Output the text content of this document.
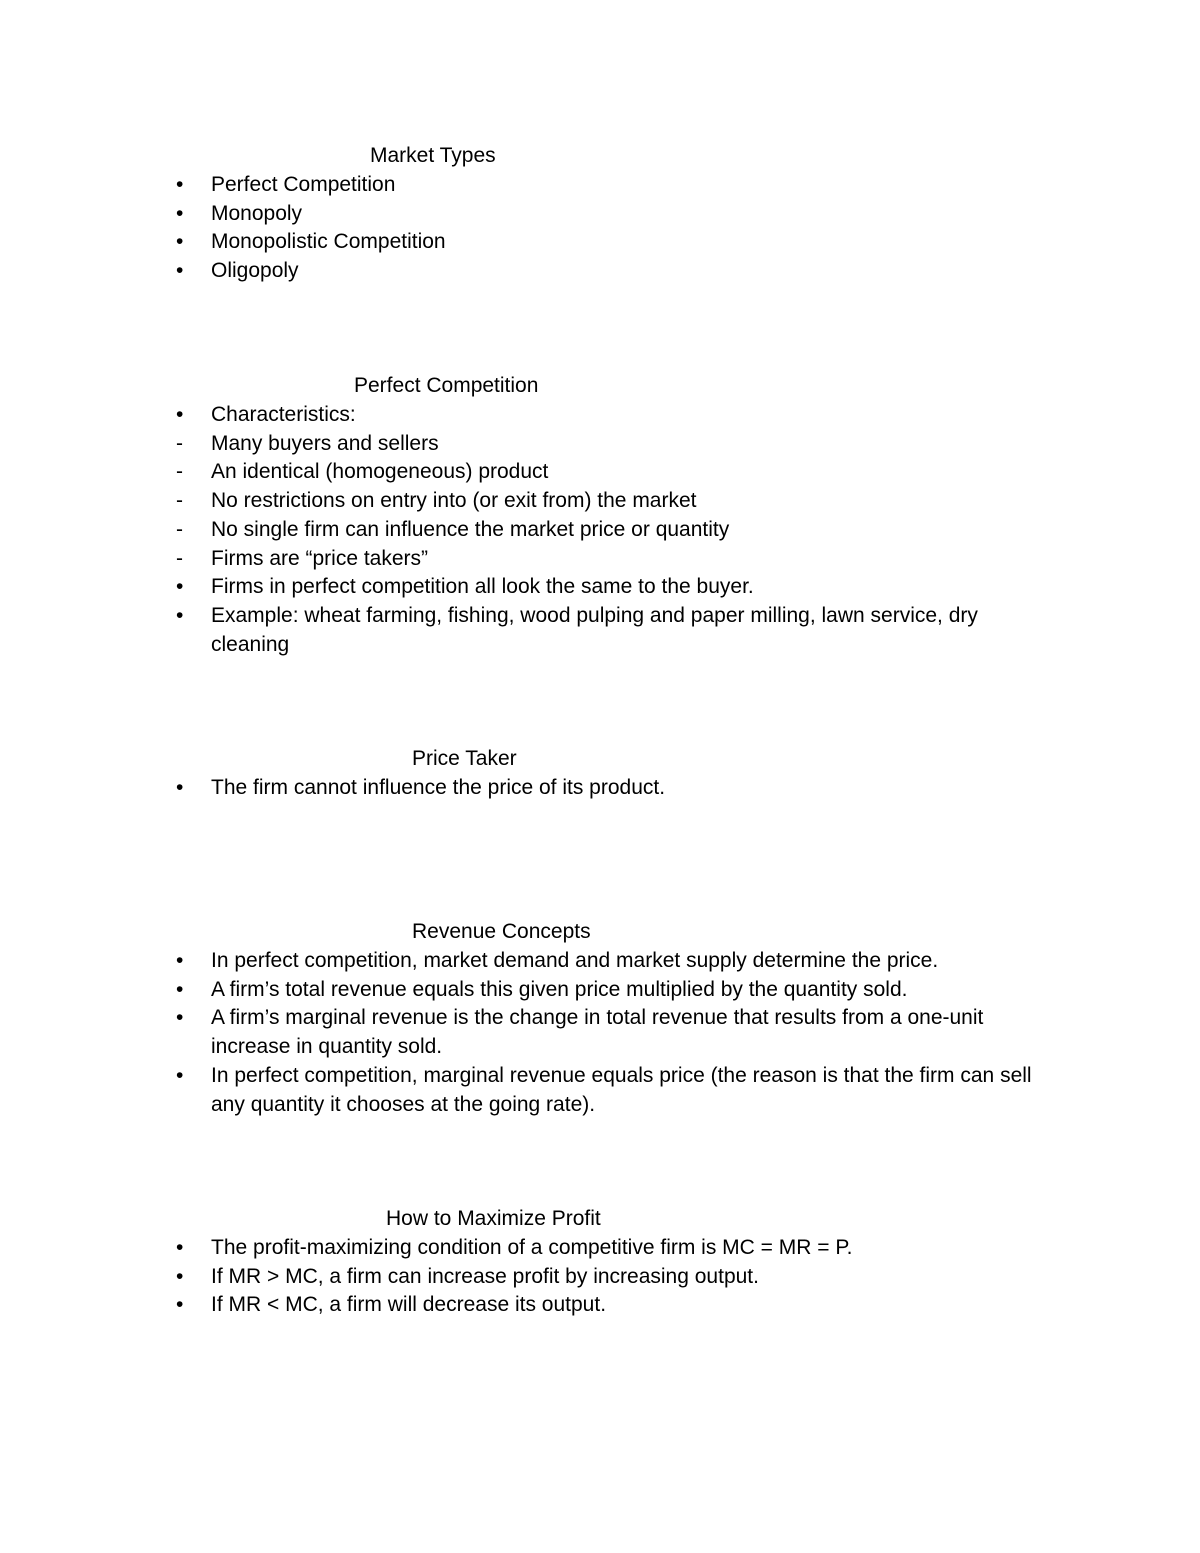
Market Types
•	Perfect Competition
•	Monopoly
•	Monopolistic Competition
•	Oligopoly
Perfect Competition
•	Characteristics:
-	Many buyers and sellers
-	An identical (homogeneous) product
-	No restrictions on entry into (or exit from) the market
-	No single firm can influence the market price or quantity
-	Firms are “price takers”
•	Firms in perfect competition all look the same to the buyer.
•	Example: wheat farming, fishing, wood pulping and paper milling, lawn service, dry cleaning
Price Taker
•	The firm cannot influence the price of its product.
Revenue Concepts
•	In perfect competition, market demand and market supply determine the price.
•	A firm’s total revenue equals this given price multiplied by the quantity sold.
•	A firm’s marginal revenue is the change in total revenue that results from a one-unit increase in quantity sold.
•	In perfect competition, marginal revenue equals price (the reason is that the firm can sell any quantity it chooses at the going rate).
How to Maximize Profit
•	The profit-maximizing condition of a competitive firm is MC = MR = P.
•	If MR > MC, a firm can increase profit by increasing output.
•	If MR < MC, a firm will decrease its output.
